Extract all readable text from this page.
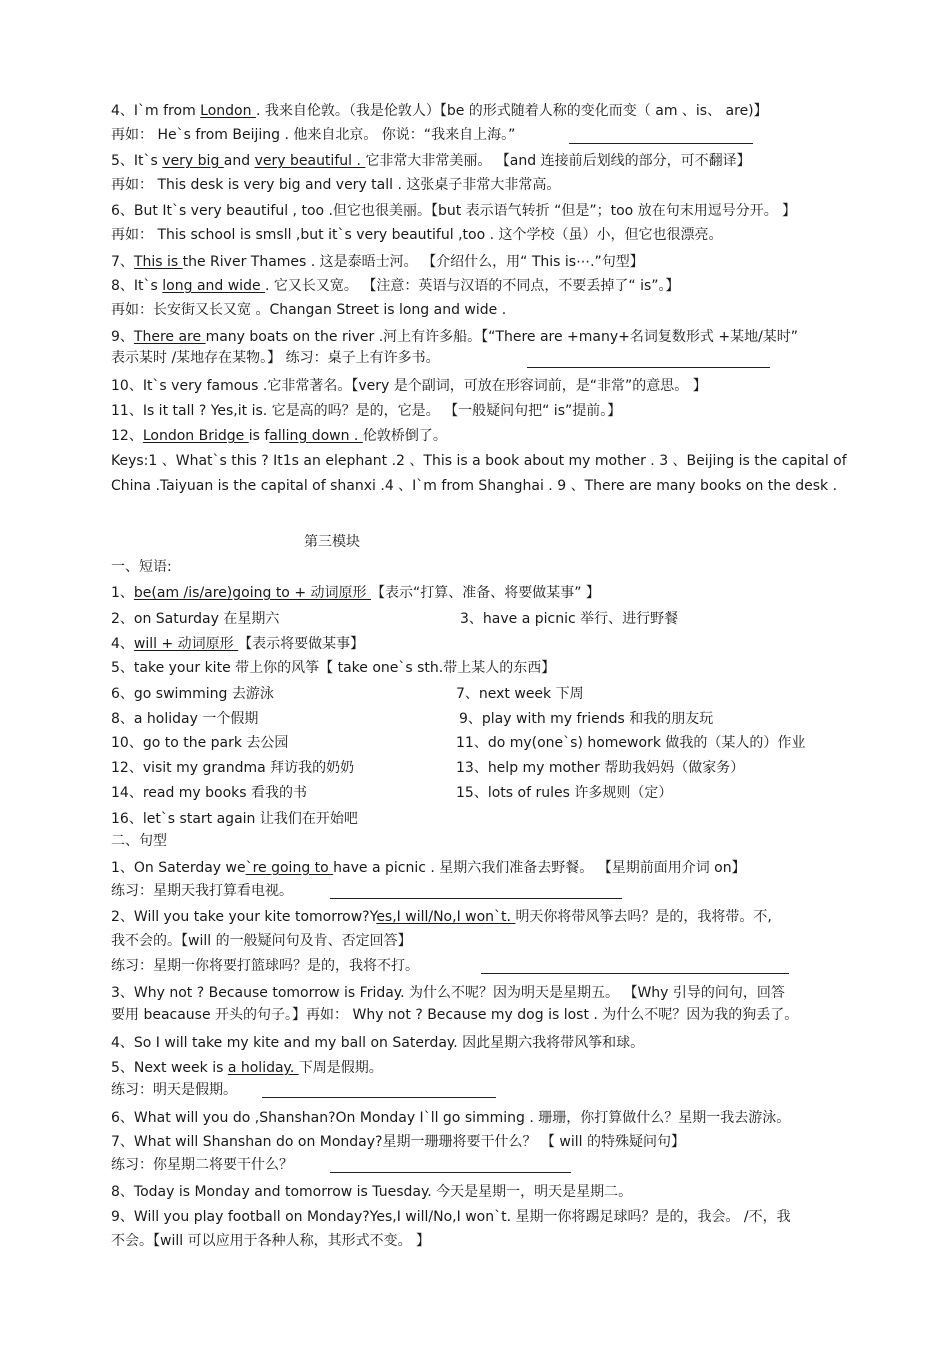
4、I`m from London . 我来自伦敦。（我是伦敦人）【be 的形式随着人称的变化而变（ am 、is、 are)】
再如： He`s from Beijing . 他来自北京。 你说：“我来自上海。”
5、It`s very big and very beautiful . 它非常大非常美丽。 【and 连接前后划线的部分，可不翻译】
再如： This desk is very big and very tall . 这张桌子非常大非常高。
6、But It`s very beautiful , too .但它也很美丽。【but 表示语气转折 “但是”；too 放在句末用逗号分开。 】
再如： This school is smsll ,but it`s very beautiful ,too . 这个学校（虽）小，但它也很漂亮。
7、This is the River Thames . 这是泰晤士河。 【介绍什么，用“ This is⋯.”句型】
8、It`s long and wide . 它又长又宽。 【注意：英语与汉语的不同点，不要丢掉了“ is”。】
再如：长安街又长又宽 。Changan Street is long and wide .
9、There are many boats on the river .河上有许多船。【“There are +many+名词复数形式 +某地/某时”
表示某时 /某地存在某物。】 练习：桌子上有许多书。
10、It`s very famous .它非常著名。【very 是个副词，可放在形容词前，是“非常”的意思。 】
11、Is it tall ? Yes,it is. 它是高的吗？是的，它是。 【一般疑问句把“ is”提前。】
12、London Bridge is falling down . 伦敦桥倒了。
Keys:1 、What`s this ? It1s an elephant .2 、This is a book about my mother . 3 、Beijing is the capital of
China .Taiyuan is the capital of shanxi .4 、I`m from Shanghai . 9 、There are many books on the desk .
第三模块
一、短语:
1、be(am /is/are)going to + 动词原形 【表示“打算、准备、将要做某事” 】
2、on Saturday 在星期六	3、have a picnic 举行、进行野餐
4、will + 动词原形 【表示将要做某事】
5、take your kite 带上你的风筝【 take one`s sth.带上某人的东西】
6、go swimming 去游泳	7、next week 下周
8、a holiday 一个假期	9、play with my friends 和我的朋友玩
10、go to the park 去公园	11、do my(one`s) homework 做我的（某人的）作业
12、visit my grandma 拜访我的奶奶	13、help my mother 帮助我妈妈（做家务）
14、read my books 看我的书	15、lots of rules 许多规则（定）
16、let`s start again 让我们在开始吧
二、句型
1、On Saterday we`re going to have a picnic . 星期六我们准备去野餐。 【星期前面用介词 on】
练习：星期天我打算看电视。
2、Will you take your kite tomorrow?Yes,I will/No,I won`t. 明天你将带风筝去吗？是的，我将带。不,
我不会的。【will 的一般疑问句及肯、否定回答】
练习：星期一你将要打篮球吗？是的，我将不打。
3、Why not ? Because tomorrow is Friday. 为什么不呢？因为明天是星期五。 【Why 引导的问句，回答
要用 beacause 开头的句子。】再如： Why not ? Because my dog is lost . 为什么不呢？因为我的狗丢了。
4、So I will take my kite and my ball on Saterday. 因此星期六我将带风筝和球。
5、Next week is a holiday. 下周是假期。
练习：明天是假期。
6、What will you do ,Shanshan?On Monday I`ll go simming . 珊珊，你打算做什么？星期一我去游泳。
7、What will Shanshan do on Monday?星期一珊珊将要干什么？ 【 will 的特殊疑问句】
练习：你星期二将要干什么？
8、Today is Monday and tomorrow is Tuesday. 今天是星期一，明天是星期二。
9、Will you play football on Monday?Yes,I will/No,I won`t. 星期一你将踢足球吗？是的，我会。 /不，我
不会。【will 可以应用于各种人称，其形式不变。 】
